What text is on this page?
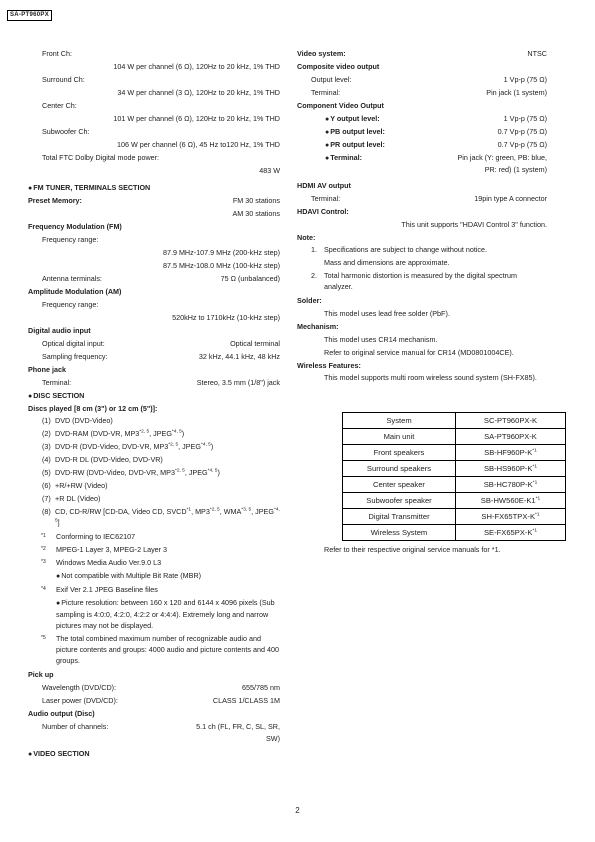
SA-PT960PX
Front Ch:
104 W per channel (6 Ω), 120Hz to 20 kHz, 1% THD
Surround Ch:
34 W per channel (3 Ω), 120Hz to 20 kHz, 1% THD
Center Ch:
101 W per channel (6 Ω), 120Hz to 20 kHz, 1% THD
Subwoofer Ch:
106 W per channel (6 Ω), 45 Hz to120 Hz, 1% THD
Total FTC Dolby Digital mode power:
483 W
● FM TUNER, TERMINALS SECTION
Preset Memory:	FM 30 stations
AM 30 stations
Frequency Modulation (FM)
Frequency range:
87.9 MHz-107.9 MHz (200-kHz step)
87.5 MHz-108.0 MHz (100-kHz step)
Antenna terminals:	75 Ω (unbalanced)
Amplitude Modulation (AM)
Frequency range:
520kHz to 1710kHz (10-kHz step)
Digital audio input
Optical digital input:	Optical terminal
Sampling frequency:	32 kHz, 44.1 kHz, 48 kHz
Phone jack
Terminal:	Stereo, 3.5 mm (1/8") jack
● DISC SECTION
Discs played [8 cm (3") or 12 cm (5")]:
(1) DVD (DVD-Video)
(2) DVD-RAM (DVD-VR, MP3$^{*2, 5}$, JPEG$^{*4, 5}$)
(3) DVD-R (DVD-Video, DVD-VR, MP3$^{*2, 5}$, JPEG$^{*4, 5}$)
(4) DVD-R DL (DVD-Video, DVD-VR)
(5) DVD-RW (DVD-Video, DVD-VR, MP3$^{*2, 5}$, JPEG$^{*4, 5}$)
(6) +R/+RW (Video)
(7) +R DL (Video)
(8) CD, CD-R/RW [CD-DA, Video CD, SVCD$^{*1}$, MP3$^{*2, 5}$, WMA$^{*3, 5}$, JPEG$^{*4, 5}$]
*1 Conforming to IEC62107
*2 MPEG-1 Layer 3, MPEG-2 Layer 3
*3 Windows Media Audio Ver.9.0 L3
● Not compatible with Multiple Bit Rate (MBR)
*4 Exif Ver 2.1 JPEG Baseline files
● Picture resolution: between 160 x 120 and 6144 x 4096 pixels (Sub sampling is 4:0:0, 4:2:0, 4:2:2 or 4:4:4). Extremely long and narrow pictures may not be displayed.
*5 The total combined maximum number of recognizable audio and picture contents and groups: 4000 audio and picture contents and 400 groups.
Pick up
Wavelength (DVD/CD):	655/785 nm
Laser power (DVD/CD):	CLASS 1/CLASS 1M
Audio output (Disc)
Number of channels:	5.1 ch (FL, FR, C, SL, SR,
SW)
● VIDEO SECTION
Video system:	NTSC
Composite video output
Output level:	1 Vp-p (75 Ω)
Terminal:	Pin jack (1 system)
Component Video Output
● Y output level:	1 Vp-p (75 Ω)
● PB output level:	0.7 Vp-p (75 Ω)
● PR output level:	0.7 Vp-p (75 Ω)
● Terminal:	Pin jack (Y: green, PB: blue,
PR: red) (1 system)
HDMI AV output
Terminal:	19pin type A connector
HDAVI Control:
This unit supports "HDAVI Control 3" function.
Note:
1. Specifications are subject to change without notice.
Mass and dimensions are approximate.
2. Total harmonic distortion is measured by the digital spectrum analyzer.
Solder:
This model uses lead free solder (PbF).
Mechanism:
This model uses CR14 mechanism.
Refer to original service manual for CR14 (MD0801004CE).
Wireless Features:
This model supports multi room wireless sound system (SH-FX85).
System	SC-PT960PX-K
Main unit	SA-PT960PX-K
Front speakers	$SB-HF960P-K^{*1}$
Surround speakers	$SB-HS960P-K^{*1}$
Center speaker	$SB-HC780P-K^{*1}$
Subwoofer speaker	SB-HW560E-K1$^{*1}$
Digital Transmitter	$SH-FX65TPX-K^{*1}$
Wireless System	$SE-FX65PX-K^{*1}$
Refer to their respective original service manuals for *1.
2
